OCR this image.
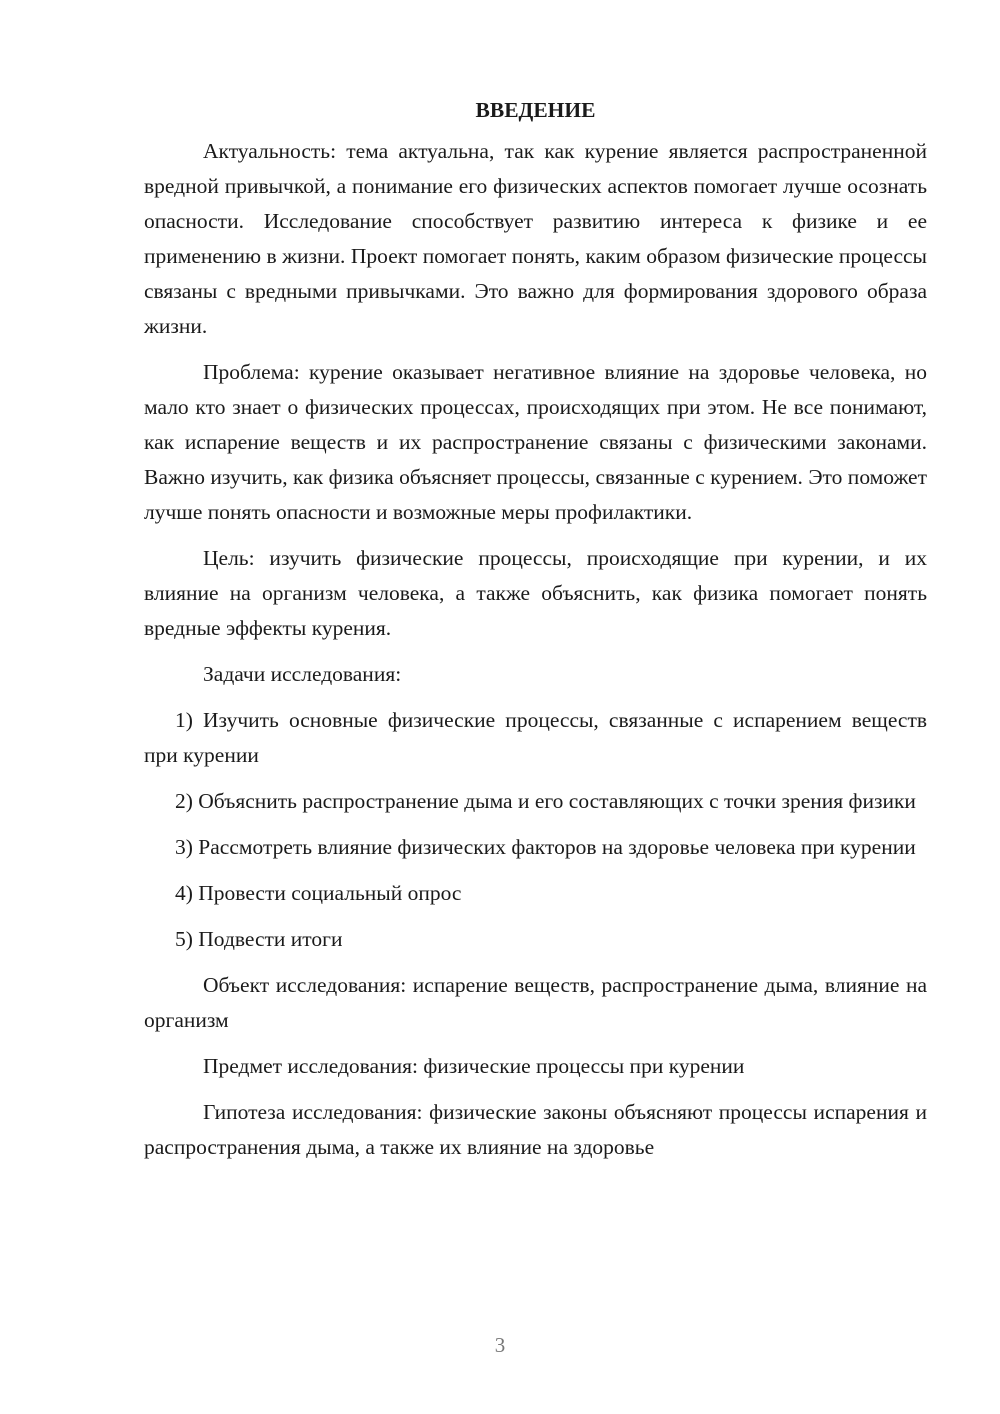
ВВЕДЕНИЕ

Актуальность: тема актуальна, так как курение является распространенной вредной привычкой, а понимание его физических аспектов помогает лучше осознать опасности. Исследование способствует развитию интереса к физике и ее применению в жизни. Проект помогает понять, каким образом физические процессы связаны с вредными привычками. Это важно для формирования здорового образа жизни.

Проблема: курение оказывает негативное влияние на здоровье человека, но мало кто знает о физических процессах, происходящих при этом. Не все понимают, как испарение веществ и их распространение связаны с физическими законами. Важно изучить, как физика объясняет процессы, связанные с курением. Это поможет лучше понять опасности и возможные меры профилактики.

Цель: изучить физические процессы, происходящие при курении, и их влияние на организм человека, а также объяснить, как физика помогает понять вредные эффекты курения.

Задачи исследования:

1) Изучить основные физические процессы, связанные с испарением веществ при курении

2) Объяснить распространение дыма и его составляющих с точки зрения физики

3) Рассмотреть влияние физических факторов на здоровье человека при курении

4) Провести социальный опрос

5) Подвести итоги

Объект исследования: испарение веществ, распространение дыма, влияние на организм

Предмет исследования: физические процессы при курении

Гипотеза исследования: физические законы объясняют процессы испарения и распространения дыма, а также их влияние на здоровье

3
